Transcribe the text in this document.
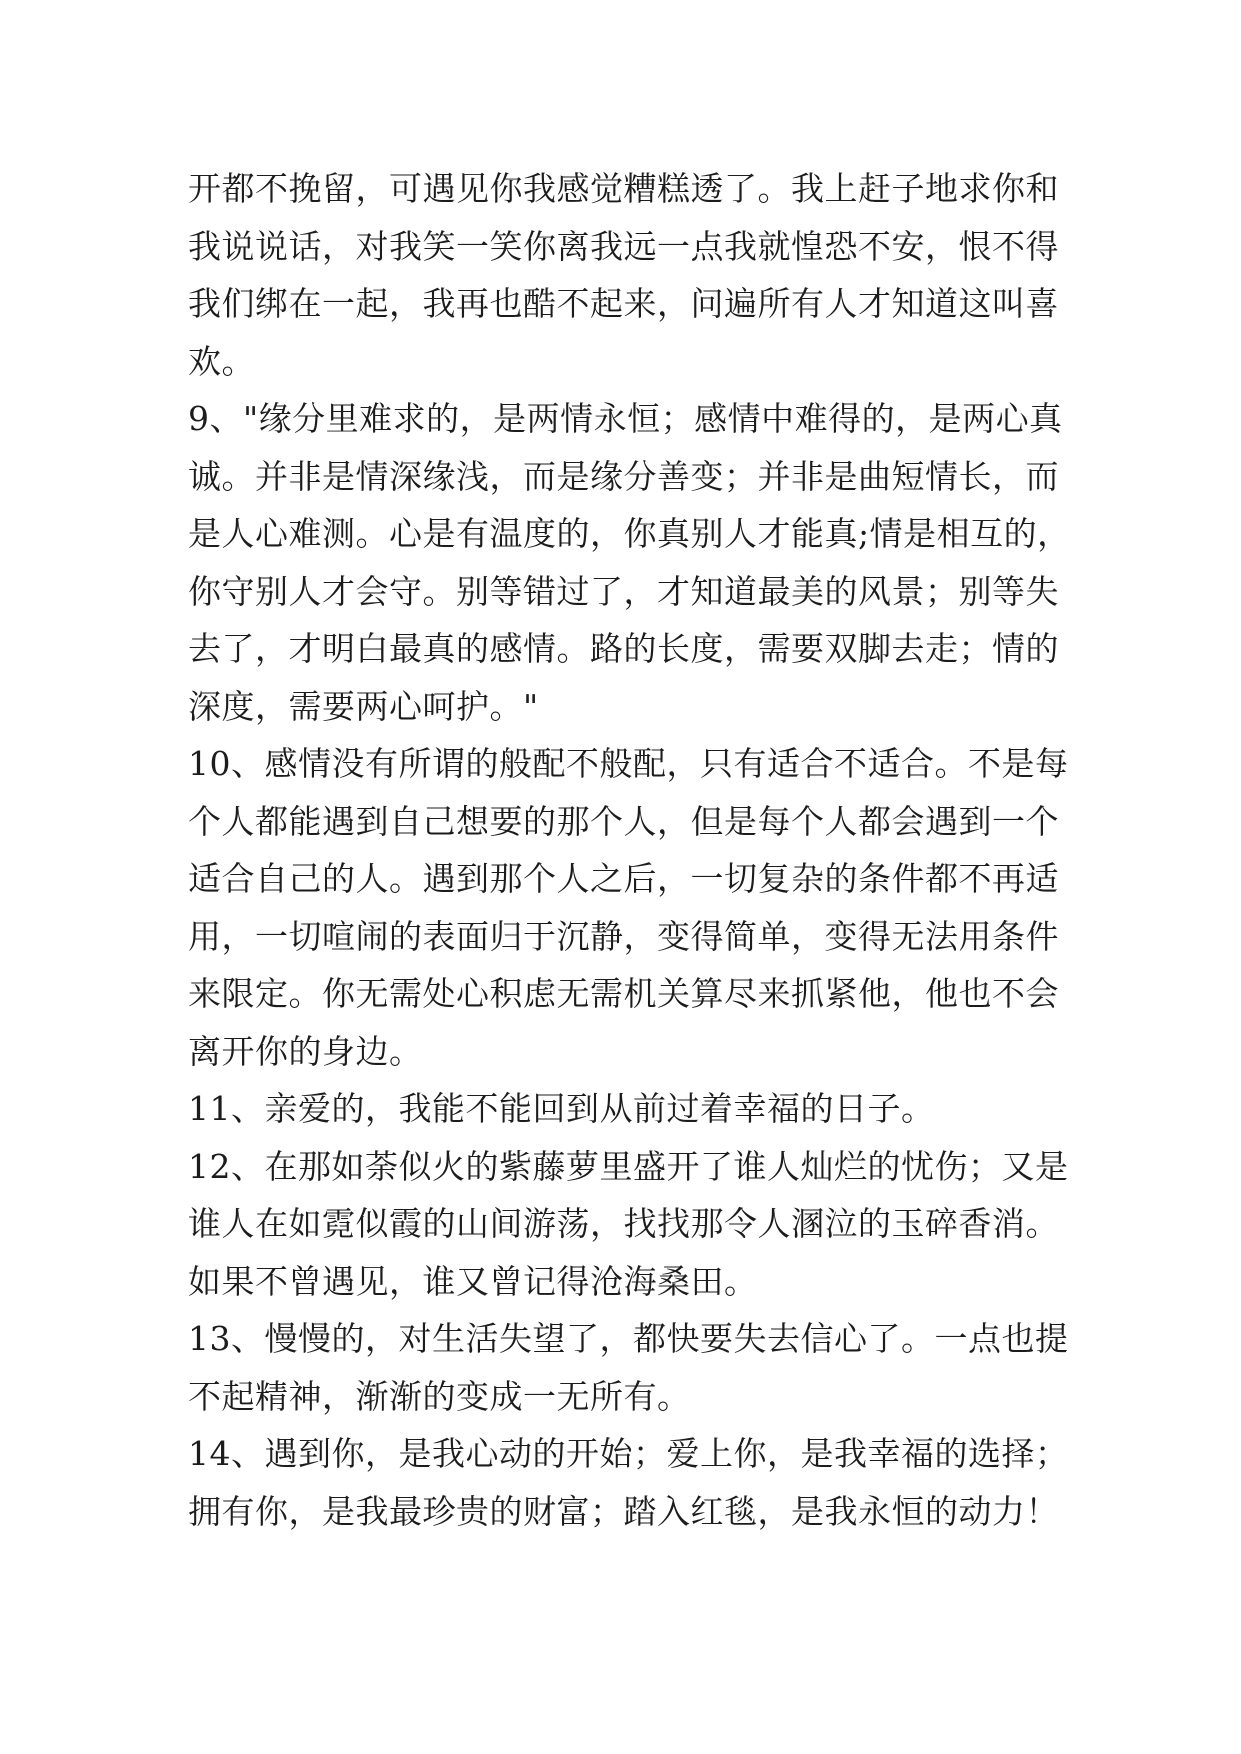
开都不挽留，可遇见你我感觉糟糕透了。我上赶子地求你和
我说说话，对我笑一笑你离我远一点我就惶恐不安，恨不得
我们绑在一起，我再也酷不起来，问遍所有人才知道这叫喜
欢。
9、"缘分里难求的，是两情永恒；感情中难得的，是两心真
诚。并非是情深缘浅，而是缘分善变；并非是曲短情长，而
是人心难测。心是有温度的，你真别人才能真;情是相互的，
你守别人才会守。别等错过了，才知道最美的风景；别等失
去了，才明白最真的感情。路的长度，需要双脚去走；情的
深度，需要两心呵护。"
10、感情没有所谓的般配不般配，只有适合不适合。不是每
个人都能遇到自己想要的那个人，但是每个人都会遇到一个
适合自己的人。遇到那个人之后，一切复杂的条件都不再适
用，一切喧闹的表面归于沉静，变得简单，变得无法用条件
来限定。你无需处心积虑无需机关算尽来抓紧他，他也不会
离开你的身边。
11、亲爱的，我能不能回到从前过着幸福的日子。
12、在那如荼似火的紫藤萝里盛开了谁人灿烂的忧伤；又是
谁人在如霓似霞的山间游荡，找找那令人溷泣的玉碎香消。
如果不曾遇见，谁又曾记得沧海桑田。
13、慢慢的，对生活失望了，都快要失去信心了。一点也提
不起精神，渐渐的变成一无所有。
14、遇到你，是我心动的开始；爱上你，是我幸福的选择；
拥有你，是我最珍贵的财富；踏入红毯，是我永恒的动力！
